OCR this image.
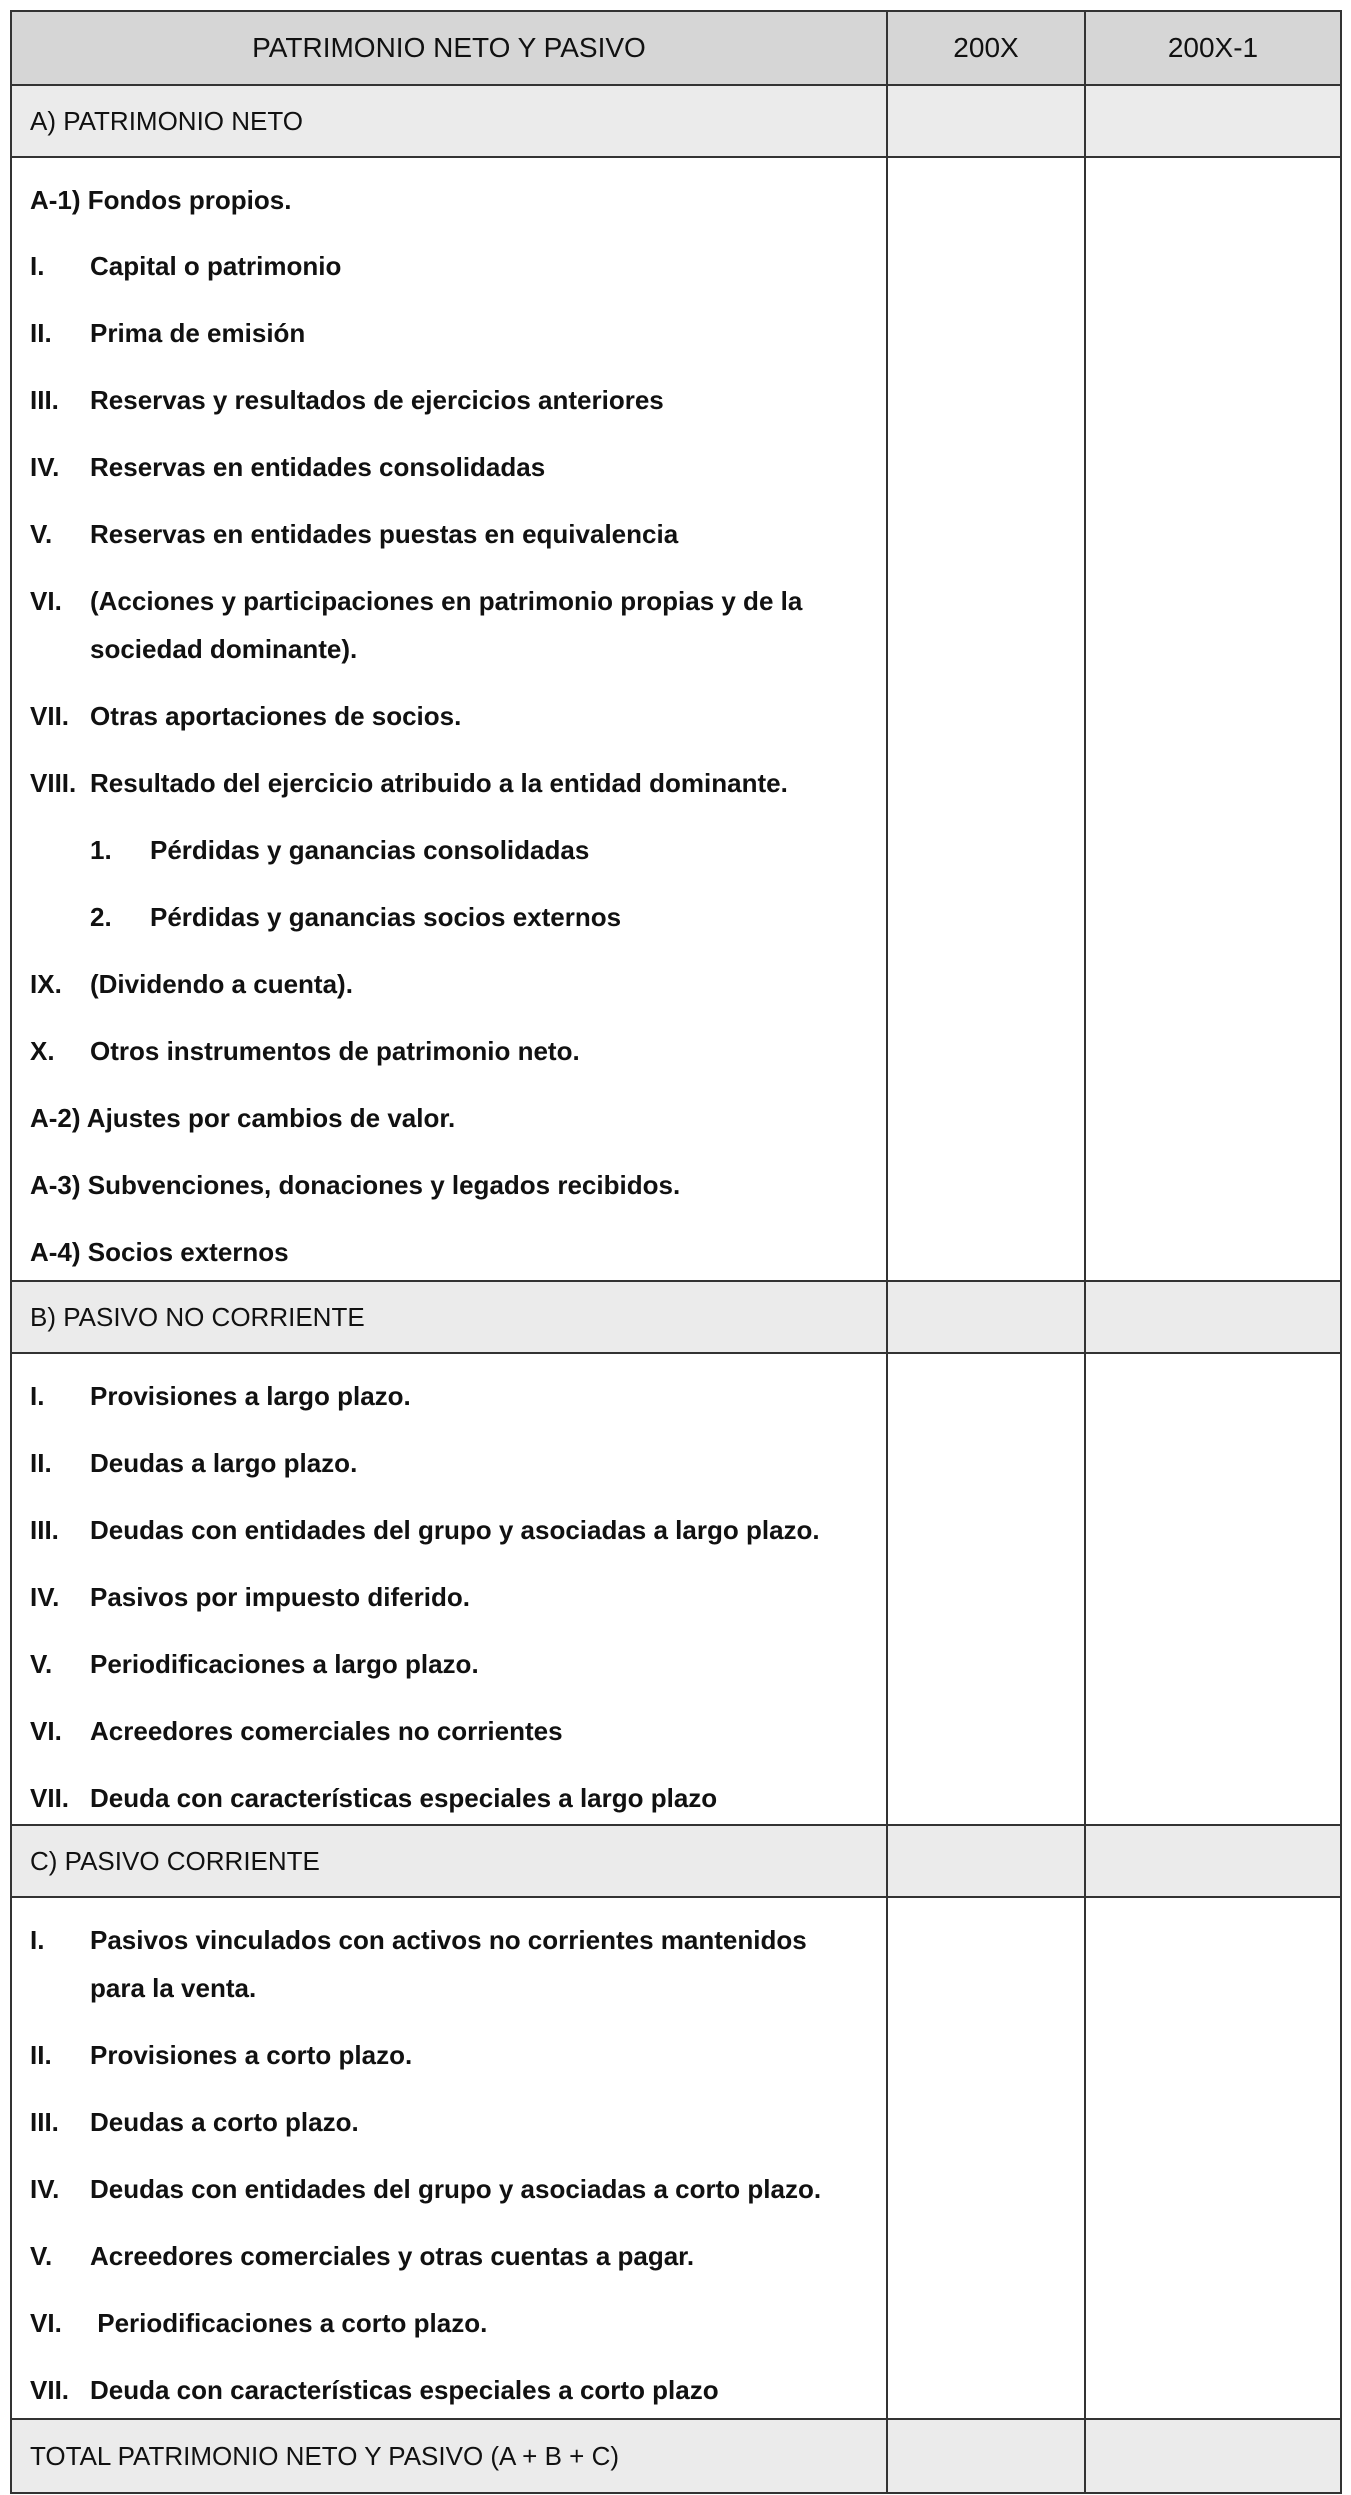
PATRIMONIO NETO Y PASIVO	200X	200X-1
A) PATRIMONIO NETO
A-1) Fondos propios.
I.	Capital o patrimonio
II.	Prima de emisión
III.	Reservas y resultados de ejercicios anteriores
IV.	Reservas en entidades consolidadas
V.	Reservas en entidades puestas en equivalencia
VI.	(Acciones y participaciones en patrimonio propias y de la sociedad dominante).
VII. Otras aportaciones de socios.
VIII. Resultado del ejercicio atribuido a la entidad dominante.
1.	Pérdidas y ganancias consolidadas
2.	Pérdidas y ganancias socios externos
IX.	(Dividendo a cuenta).
X.	Otros instrumentos de patrimonio neto.
A-2) Ajustes por cambios de valor.
A-3) Subvenciones, donaciones y legados recibidos.
A-4) Socios externos
B) PASIVO NO CORRIENTE
I.	Provisiones a largo plazo.
II.	Deudas a largo plazo.
III.	Deudas con entidades del grupo y asociadas a largo plazo.
IV.	Pasivos por impuesto diferido.
V.	Periodificaciones a largo plazo.
VI.	Acreedores comerciales no corrientes
VII. Deuda con características especiales a largo plazo
C) PASIVO CORRIENTE
I.	Pasivos vinculados con activos no corrientes mantenidos para la venta.
II.	Provisiones a corto plazo.
III.	Deudas a corto plazo.
IV.	Deudas con entidades del grupo y asociadas a corto plazo.
V.	Acreedores comerciales y otras cuentas a pagar.
VI.	Periodificaciones a corto plazo.
VII. Deuda con características especiales a corto plazo
TOTAL PATRIMONIO NETO Y PASIVO (A + B + C)
